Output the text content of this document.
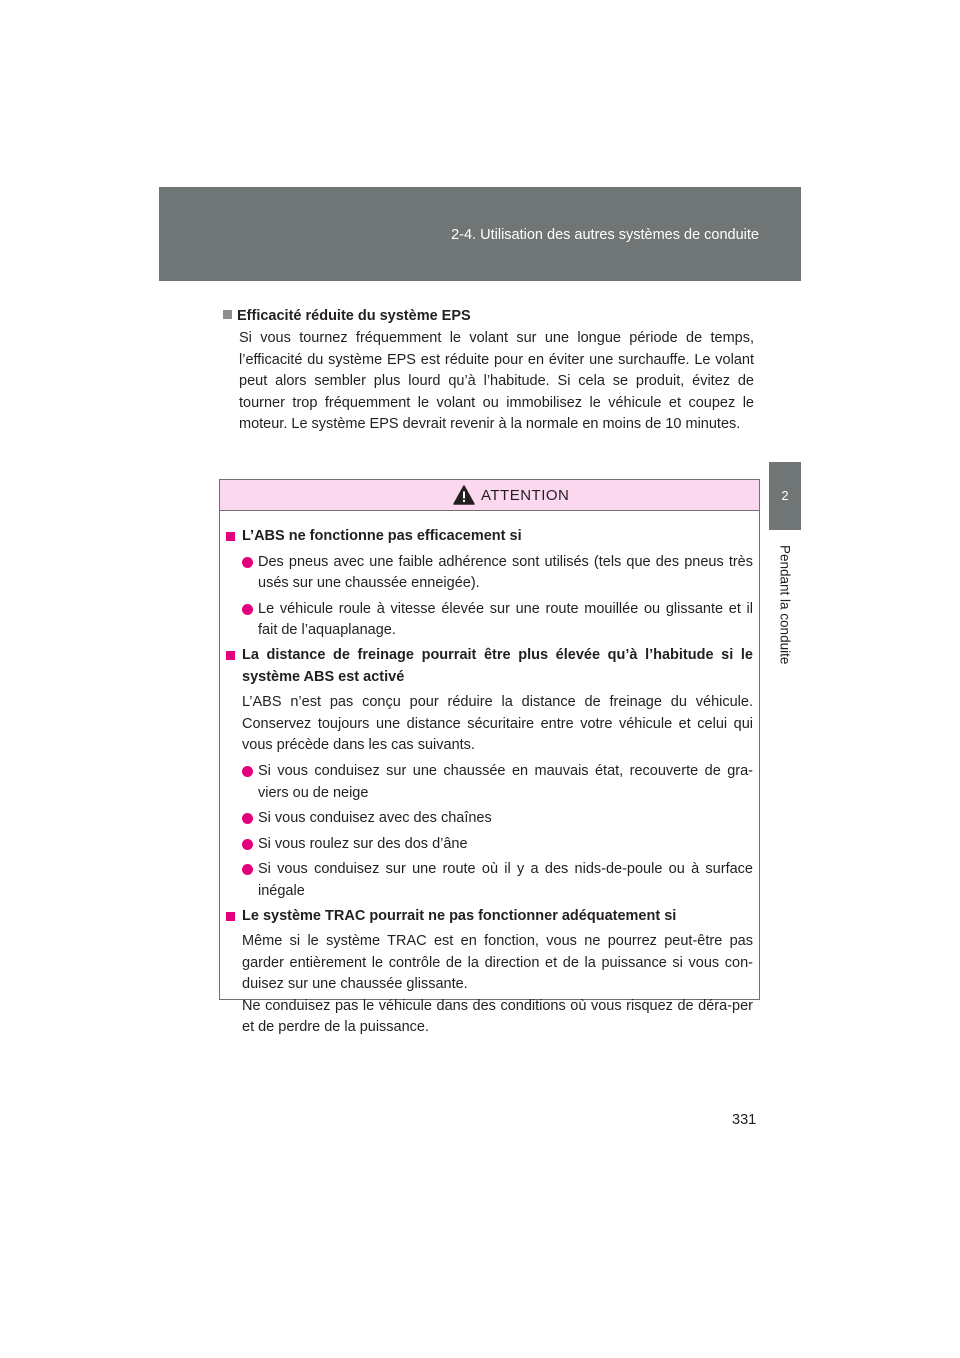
2-4. Utilisation des autres systèmes de conduite
2
Pendant la conduite
Efficacité réduite du système EPS

Si vous tournez fréquemment le volant sur une longue période de temps, l’efficacité du système EPS est réduite pour en éviter une surchauffe. Le volant peut alors sembler plus lourd qu’à l’habitude. Si cela se produit, évitez de tourner trop fréquemment le volant ou immobilisez le véhicule et coupez le moteur. Le système EPS devrait revenir à la normale en moins de 10 minutes.

ATTENTION
L’ABS ne fonctionne pas efficacement si
Des pneus avec une faible adhérence sont utilisés (tels que des pneus très usés sur une chaussée enneigée).
Le véhicule roule à vitesse élevée sur une route mouillée ou glissante et il fait de l’aquaplanage.
La distance de freinage pourrait être plus élevée qu’à l’habitude si le système ABS est activé

L’ABS n’est pas conçu pour réduire la distance de freinage du véhicule. Conservez toujours une distance sécuritaire entre votre véhicule et celui qui vous précède dans les cas suivants.

Si vous conduisez sur une chaussée en mauvais état, recouverte de gra-viers ou de neige
Si vous conduisez avec des chaînes
Si vous roulez sur des dos d’âne
Si vous conduisez sur une route où il y a des nids-de-poule ou à surface inégale
Le système TRAC pourrait ne pas fonctionner adéquatement si

Même si le système TRAC est en fonction, vous ne pourrez peut-être pas garder entièrement le contrôle de la direction et de la puissance si vous con-duisez sur une chaussée glissante.

Ne conduisez pas le véhicule dans des conditions où vous risquez de déra-per et de perdre de la puissance.

331
